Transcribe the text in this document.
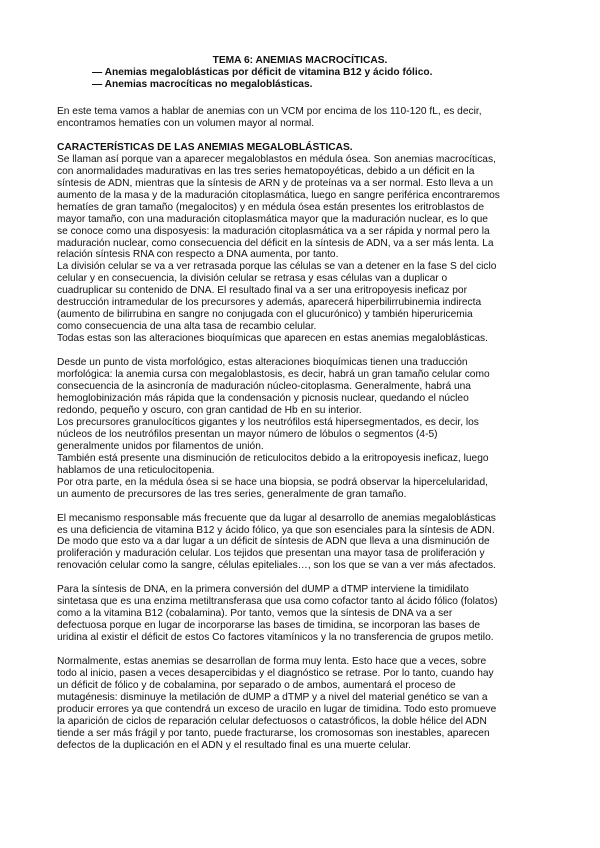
TEMA 6: ANEMIAS MACROCÍTICAS.

— Anemias megaloblásticas por déficit de vitamina B12 y ácido fólico.

— Anemias macrocíticas no megaloblásticas.

En este tema vamos a hablar de anemias con un VCM por encima de los 110-120 fL, es decir,
encontramos hematíes con un volumen mayor al normal.

CARACTERÍSTICAS DE LAS ANEMIAS MEGALOBLÁSTICAS.

Se llaman así porque van a aparecer megaloblastos en médula ósea. Son anemias macrocíticas,
con anormalidades madurativas en las tres series hematopoyéticas, debido a un déficit en la
síntesis de ADN, mientras que la síntesis de ARN y de proteínas va a ser normal. Esto lleva a un
aumento de la masa y de la maduración citoplasmática, luego en sangre periférica encontraremos
hematíes de gran tamaño (megalocitos) y en médula ósea están presentes los eritroblastos de
mayor tamaño, con una maduración citoplasmática mayor que la maduración nuclear, es lo que
se conoce como una disposyesis: la maduración citoplasmática va a ser rápida y normal pero la
maduración nuclear, como consecuencia del déficit en la síntesis de ADN, va a ser más lenta. La
relación síntesis RNA con respecto a DNA aumenta, por tanto.
La división celular se va a ver retrasada porque las células se van a detener en la fase S del ciclo
celular y en consecuencia, la división celular se retrasa y esas células van a duplicar o
cuadruplicar su contenido de DNA. El resultado final va a ser una eritropoyesis ineficaz por
destrucción intramedular de los precursores y además, aparecerá hiperbilirrubinemia indirecta
(aumento de bilirrubina en sangre no conjugada con el glucurónico) y también hiperuricemia
como consecuencia de una alta tasa de recambio celular.
Todas estas son las alteraciones bioquímicas que aparecen en estas anemias megaloblásticas.

Desde un punto de vista morfológico, estas alteraciones bioquímicas tienen una traducción
morfológica: la anemia cursa con megaloblastosis, es decir, habrá un gran tamaño celular como
consecuencia de la asincronía de maduración núcleo-citoplasma. Generalmente, habrá una
hemoglobinización más rápida que la condensación y picnosis nuclear, quedando el núcleo
redondo, pequeño y oscuro, con gran cantidad de Hb en su interior.
Los precursores granulocíticos gigantes y los neutrófilos está hipersegmentados, es decir, los
núcleos de los neutrófilos presentan un mayor número de lóbulos o segmentos (4-5)
generalmente unidos por filamentos de unión.
También está presente una disminución de reticulocitos debido a la eritropoyesis ineficaz, luego
hablamos de una reticulocitopenia.
Por otra parte, en la médula ósea si se hace una biopsia, se podrá observar la hipercelularidad,
un aumento de precursores de las tres series, generalmente de gran tamaño.

El mecanismo responsable más frecuente que da lugar al desarrollo de anemias megaloblásticas
es una deficiencia de vitamina B12 y ácido fólico, ya que son esenciales para la síntesis de ADN.
De modo que esto va a dar lugar a un déficit de síntesis de ADN que lleva a una disminución de
proliferación y maduración celular. Los tejidos que presentan una mayor tasa de proliferación y
renovación celular como la sangre, células epiteliales…, son los que se van a ver más afectados.

Para la síntesis de DNA, en la primera conversión del dUMP a dTMP interviene la timidilato
sintetasa que es una enzima metiltransferasa que usa como cofactor tanto al ácido fólico (folatos)
como a la vitamina B12 (cobalamina). Por tanto, vemos que la síntesis de DNA va a ser
defectuosa porque en lugar de incorporarse las bases de timidina, se incorporan las bases de
uridina al existir el déficit de estos Co factores vitamínicos y la no transferencia de grupos metilo.

Normalmente, estas anemias se desarrollan de forma muy lenta. Esto hace que a veces, sobre
todo al inicio, pasen a veces desapercibidas y el diagnóstico se retrase. Por lo tanto, cuando hay
un déficit de fólico y de cobalamina, por separado o de ambos, aumentará el proceso de
mutagénesis: disminuye la metilación de dUMP a dTMP y a nivel del material genético se van a
producir errores ya que contendrá un exceso de uracilo en lugar de timidina. Todo esto promueve
la aparición de ciclos de reparación celular defectuosos o catastróficos, la doble hélice del ADN
tiende a ser más frágil y por tanto, puede fracturarse, los cromosomas son inestables, aparecen
defectos de la duplicación en el ADN y el resultado final es una muerte celular.
